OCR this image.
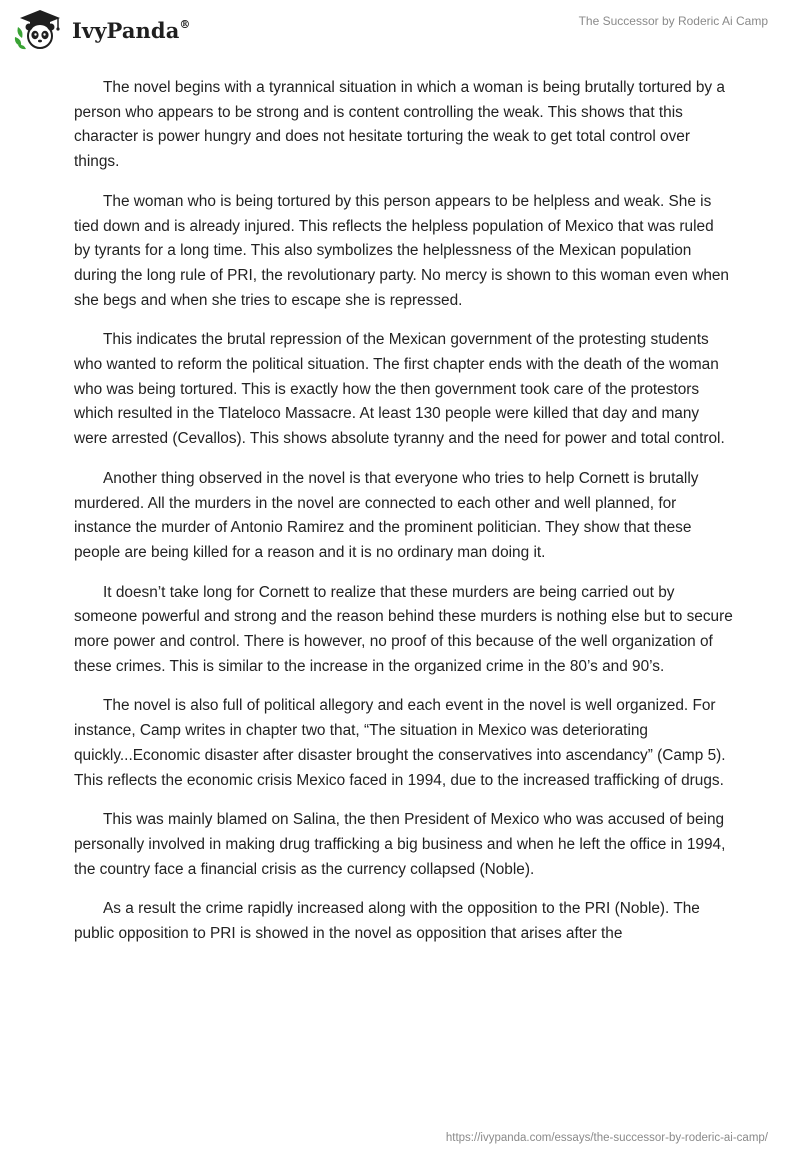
IvyPanda®	The Successor by Roderic Ai Camp

The novel begins with a tyrannical situation in which a woman is being brutally tortured by a person who appears to be strong and is content controlling the weak. This shows that this character is power hungry and does not hesitate torturing the weak to get total control over things.

The woman who is being tortured by this person appears to be helpless and weak. She is tied down and is already injured. This reflects the helpless population of Mexico that was ruled by tyrants for a long time. This also symbolizes the helplessness of the Mexican population during the long rule of PRI, the revolutionary party. No mercy is shown to this woman even when she begs and when she tries to escape she is repressed.

This indicates the brutal repression of the Mexican government of the protesting students who wanted to reform the political situation. The first chapter ends with the death of the woman who was being tortured. This is exactly how the then government took care of the protestors which resulted in the Tlateloco Massacre. At least 130 people were killed that day and many were arrested (Cevallos). This shows absolute tyranny and the need for power and total control.

Another thing observed in the novel is that everyone who tries to help Cornett is brutally murdered. All the murders in the novel are connected to each other and well planned, for instance the murder of Antonio Ramirez and the prominent politician. They show that these people are being killed for a reason and it is no ordinary man doing it.

It doesn’t take long for Cornett to realize that these murders are being carried out by someone powerful and strong and the reason behind these murders is nothing else but to secure more power and control. There is however, no proof of this because of the well organization of these crimes. This is similar to the increase in the organized crime in the 80’s and 90’s.

The novel is also full of political allegory and each event in the novel is well organized. For instance, Camp writes in chapter two that, “The situation in Mexico was deteriorating quickly...Economic disaster after disaster brought the conservatives into ascendancy” (Camp 5). This reflects the economic crisis Mexico faced in 1994, due to the increased trafficking of drugs.

This was mainly blamed on Salina, the then President of Mexico who was accused of being personally involved in making drug trafficking a big business and when he left the office in 1994, the country face a financial crisis as the currency collapsed (Noble).

As a result the crime rapidly increased along with the opposition to the PRI (Noble). The public opposition to PRI is showed in the novel as opposition that arises after the

https://ivypanda.com/essays/the-successor-by-roderic-ai-camp/
